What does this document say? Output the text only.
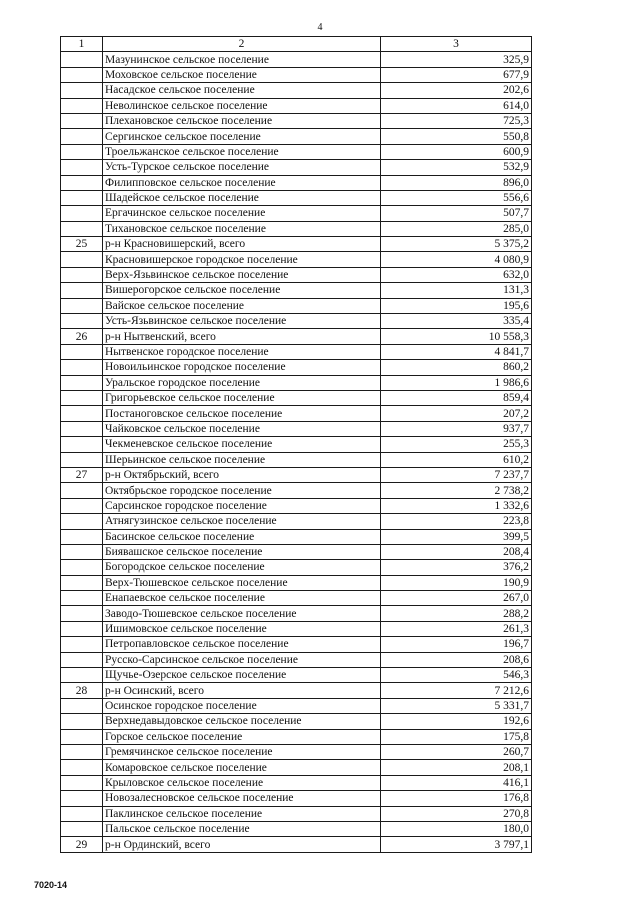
4
1	2	3
	Мазунинское сельское поселение	325,9
	Моховское сельское поселение	677,9
	Насадское сельское поселение	202,6
	Неволинское сельское поселение	614,0
	Плехановское сельское поселение	725,3
	Сергинское сельское поселение	550,8
	Троельжанское сельское поселение	600,9
	Усть-Турское сельское поселение	532,9
	Филипповское сельское поселение	896,0
	Шадейское сельское поселение	556,6
	Ергачинское сельское поселение	507,7
	Тихановское сельское поселение	285,0
25	р-н Красновишерский, всего	5 375,2
	Красновишерское городское поселение	4 080,9
	Верх-Язьвинское сельское поселение	632,0
	Вишерогорское сельское поселение	131,3
	Вайское сельское поселение	195,6
	Усть-Язьвинское сельское поселение	335,4
26	р-н Нытвенский, всего	10 558,3
	Нытвенское городское поселение	4 841,7
	Новоильинское городское поселение	860,2
	Уральское городское поселение	1 986,6
	Григорьевское сельское поселение	859,4
	Постаноговское сельское поселение	207,2
	Чайковское сельское поселение	937,7
	Чекменевское сельское поселение	255,3
	Шерьинское сельское поселение	610,2
27	р-н Октябрьский, всего	7 237,7
	Октябрьское городское поселение	2 738,2
	Сарсинское городское поселение	1 332,6
	Атнягузинское сельское поселение	223,8
	Басинское сельское поселение	399,5
	Биявашское сельское поселение	208,4
	Богородское сельское поселение	376,2
	Верх-Тюшевское сельское поселение	190,9
	Енапаевское сельское поселение	267,0
	Заводо-Тюшевское сельское поселение	288,2
	Ишимовское сельское поселение	261,3
	Петропавловское сельское поселение	196,7
	Русско-Сарсинское сельское поселение	208,6
	Щучье-Озерское сельское поселение	546,3
28	р-н Осинский, всего	7 212,6
	Осинское городское поселение	5 331,7
	Верхнедавыдовское сельское поселение	192,6
	Горское сельское поселение	175,8
	Гремячинское сельское поселение	260,7
	Комаровское сельское поселение	208,1
	Крыловское сельское поселение	416,1
	Новозалесновское сельское поселение	176,8
	Паклинское сельское поселение	270,8
	Пальское сельское поселение	180,0
29	р-н Ординский, всего	3 797,1
7020-14
